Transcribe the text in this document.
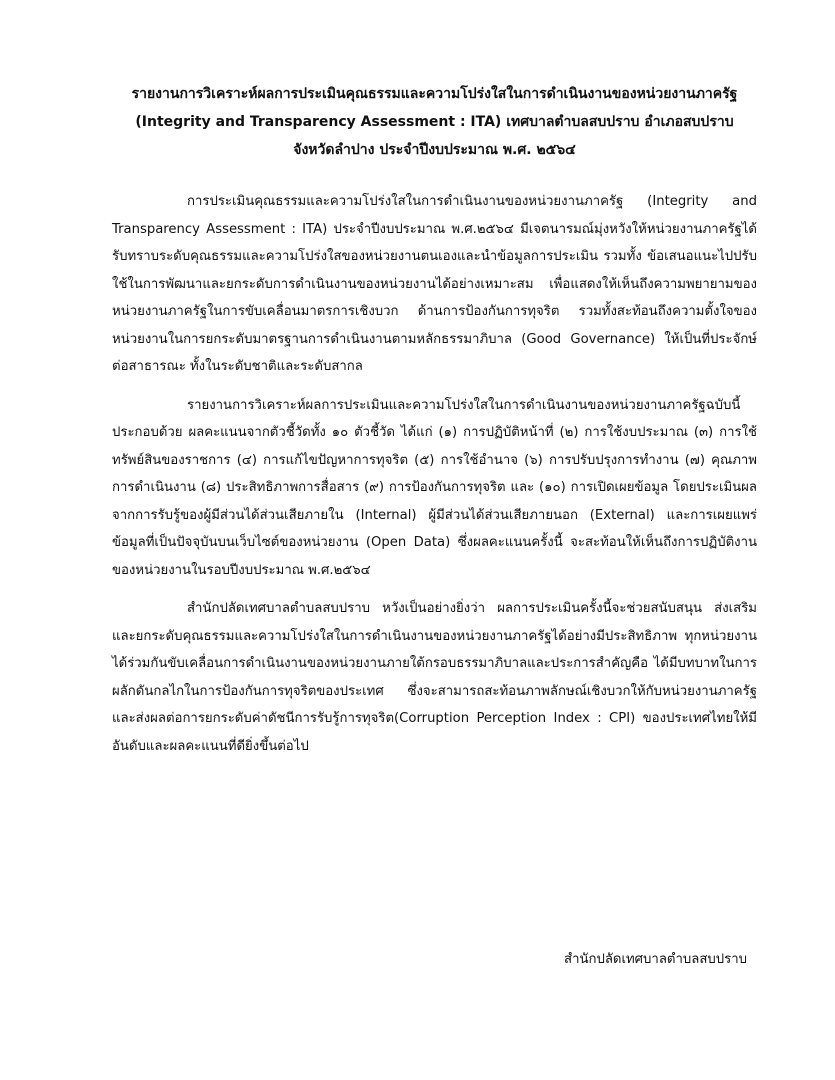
รายงานการวิเคราะห์ผลการประเมินคุณธรรมและความโปร่งใสในการดำเนินงานของหน่วยงานภาครัฐ
(Integrity and Transparency Assessment : ITA) เทศบาลตำบลสบปราบ อำเภอสบปราบ
จังหวัดลำปาง ประจำปีงบประมาณ พ.ศ. ๒๕๖๔

การประเมินคุณธรรมและความโปร่งใสในการดำเนินงานของหน่วยงานภาครัฐ (Integrity and Transparency Assessment : ITA) ประจำปีงบประมาณ พ.ศ.๒๕๖๔ มีเจตนารมณ์มุ่งหวังให้หน่วยงานภาครัฐได้รับทราบระดับคุณธรรมและความโปร่งใสของหน่วยงานตนเองและนำข้อมูลการประเมิน รวมทั้ง ข้อเสนอแนะไปปรับใช้ในการพัฒนาและยกระดับการดำเนินงานของหน่วยงานได้อย่างเหมาะสม เพื่อแสดงให้เห็นถึงความพยายามของหน่วยงานภาครัฐในการขับเคลื่อนมาตรการเชิงบวก ด้านการป้องกันการทุจริต รวมทั้งสะท้อนถึงความตั้งใจของหน่วยงานในการยกระดับมาตรฐานการดำเนินงานตามหลักธรรมาภิบาล (Good Governance) ให้เป็นที่ประจักษ์ต่อสาธารณะ ทั้งในระดับชาติและระดับสากล

รายงานการวิเคราะห์ผลการประเมินและความโปร่งใสในการดำเนินงานของหน่วยงานภาครัฐฉบับนี้ ประกอบด้วย ผลคะแนนจากตัวชี้วัดทั้ง ๑๐ ตัวชี้วัด ได้แก่ (๑) การปฏิบัติหน้าที่ (๒) การใช้งบประมาณ (๓) การใช้ทรัพย์สินของราชการ (๔) การแก้ไขปัญหาการทุจริต (๕) การใช้อำนาจ (๖) การปรับปรุงการทำงาน (๗) คุณภาพการดำเนินงาน (๘) ประสิทธิภาพการสื่อสาร (๙) การป้องกันการทุจริต และ (๑๐) การเปิดเผยข้อมูล โดยประเมินผลจากการรับรู้ของผู้มีส่วนได้ส่วนเสียภายใน (Internal) ผู้มีส่วนได้ส่วนเสียภายนอก (External) และการเผยแพร่ข้อมูลที่เป็นปัจจุบันบนเว็บไซต์ของหน่วยงาน (Open Data) ซึ่งผลคะแนนครั้งนี้ จะสะท้อนให้เห็นถึงการปฏิบัติงานของหน่วยงานในรอบปีงบประมาณ พ.ศ.๒๕๖๔

สำนักปลัดเทศบาลตำบลสบปราบ หวังเป็นอย่างยิ่งว่า ผลการประเมินครั้งนี้จะช่วยสนับสนุน ส่งเสริม และยกระดับคุณธรรมและความโปร่งใสในการดำเนินงานของหน่วยงานภาครัฐได้อย่างมีประสิทธิภาพ ทุกหน่วยงานได้ร่วมกันขับเคลื่อนการดำเนินงานของหน่วยงานภายใต้กรอบธรรมาภิบาลและประการสำคัญคือ ได้มีบทบาทในการผลักดันกลไกในการป้องกันการทุจริตของประเทศ ซึ่งจะสามารถสะท้อนภาพลักษณ์เชิงบวกให้กับหน่วยงานภาครัฐ และส่งผลต่อการยกระดับค่าดัชนีการรับรู้การทุจริต(Corruption Perception Index : CPI) ของประเทศไทยให้มีอันดับและผลคะแนนที่ดียิ่งขึ้นต่อไป

สำนักปลัดเทศบาลตำบลสบปราบ
